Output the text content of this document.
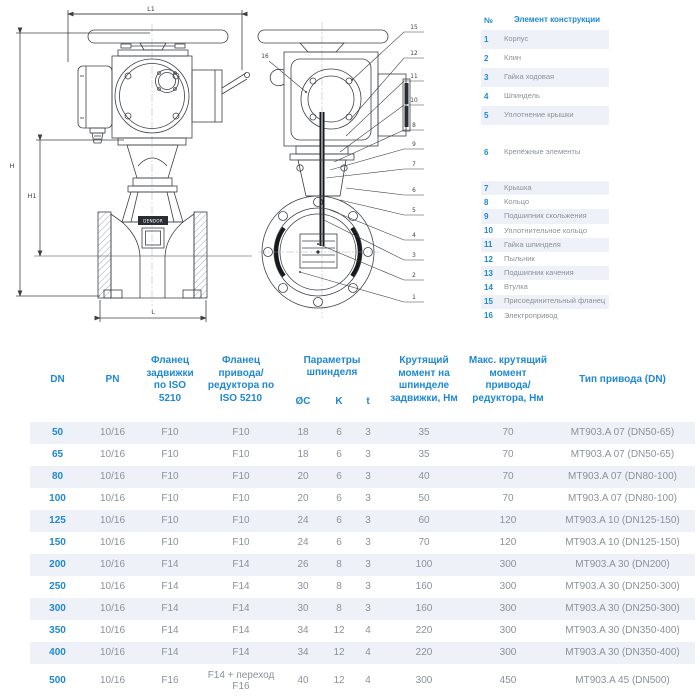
L1
H
H1
L
DENDOR
16
15
12
11
10
8
9
7
6
5
4
3
2
1
№	Элемент конструкции
1	Корпус
2	Клин
3	Гайка ходовая
4	Шпиндель
5	Уплотнение крышки
6	Крепёжные элементы
7	Крышка
8	Кольцо
9	Подшипник скольжения
10	Уплотнительное кольцо
11	Гайка шпинделя
12	Пыльник
13	Подшипник качения
14	Втулка
15	Присоединительный фланец
16	Электропривод
DN	PN	Фланец задвижки по ISO 5210	Фланец привода/ редуктора по ISO 5210	Параметры шпинделя			Крутящий момент на шпинделе задвижки, Нм	Макс. крутящий момент привода/ редуктора, Нм	Тип привода (DN)
				ØC	K	t			
50	10/16	F10	F10	18	6	3	35	70	MT903.A 07 (DN50-65)
65	10/16	F10	F10	18	6	3	35	70	MT903.A 07 (DN50-65)
80	10/16	F10	F10	20	6	3	40	70	MT903.A 07 (DN80-100)
100	10/16	F10	F10	20	6	3	50	70	MT903.A 07 (DN80-100)
125	10/16	F10	F10	24	6	3	60	120	MT903.A 10 (DN125-150)
150	10/16	F10	F10	24	6	3	70	120	MT903.A 10 (DN125-150)
200	10/16	F14	F14	26	8	3	100	300	MT903.A 30 (DN200)
250	10/16	F14	F14	30	8	3	160	300	MT903.A 30 (DN250-300)
300	10/16	F14	F14	30	8	3	160	300	MT903.A 30 (DN250-300)
350	10/16	F14	F14	34	12	4	220	300	MT903.A 30 (DN350-400)
400	10/16	F14	F14	34	12	4	220	300	MT903.A 30 (DN350-400)
500	10/16	F16	F14 + переход F16	40	12	4	300	450	MT903.A 45 (DN500)
